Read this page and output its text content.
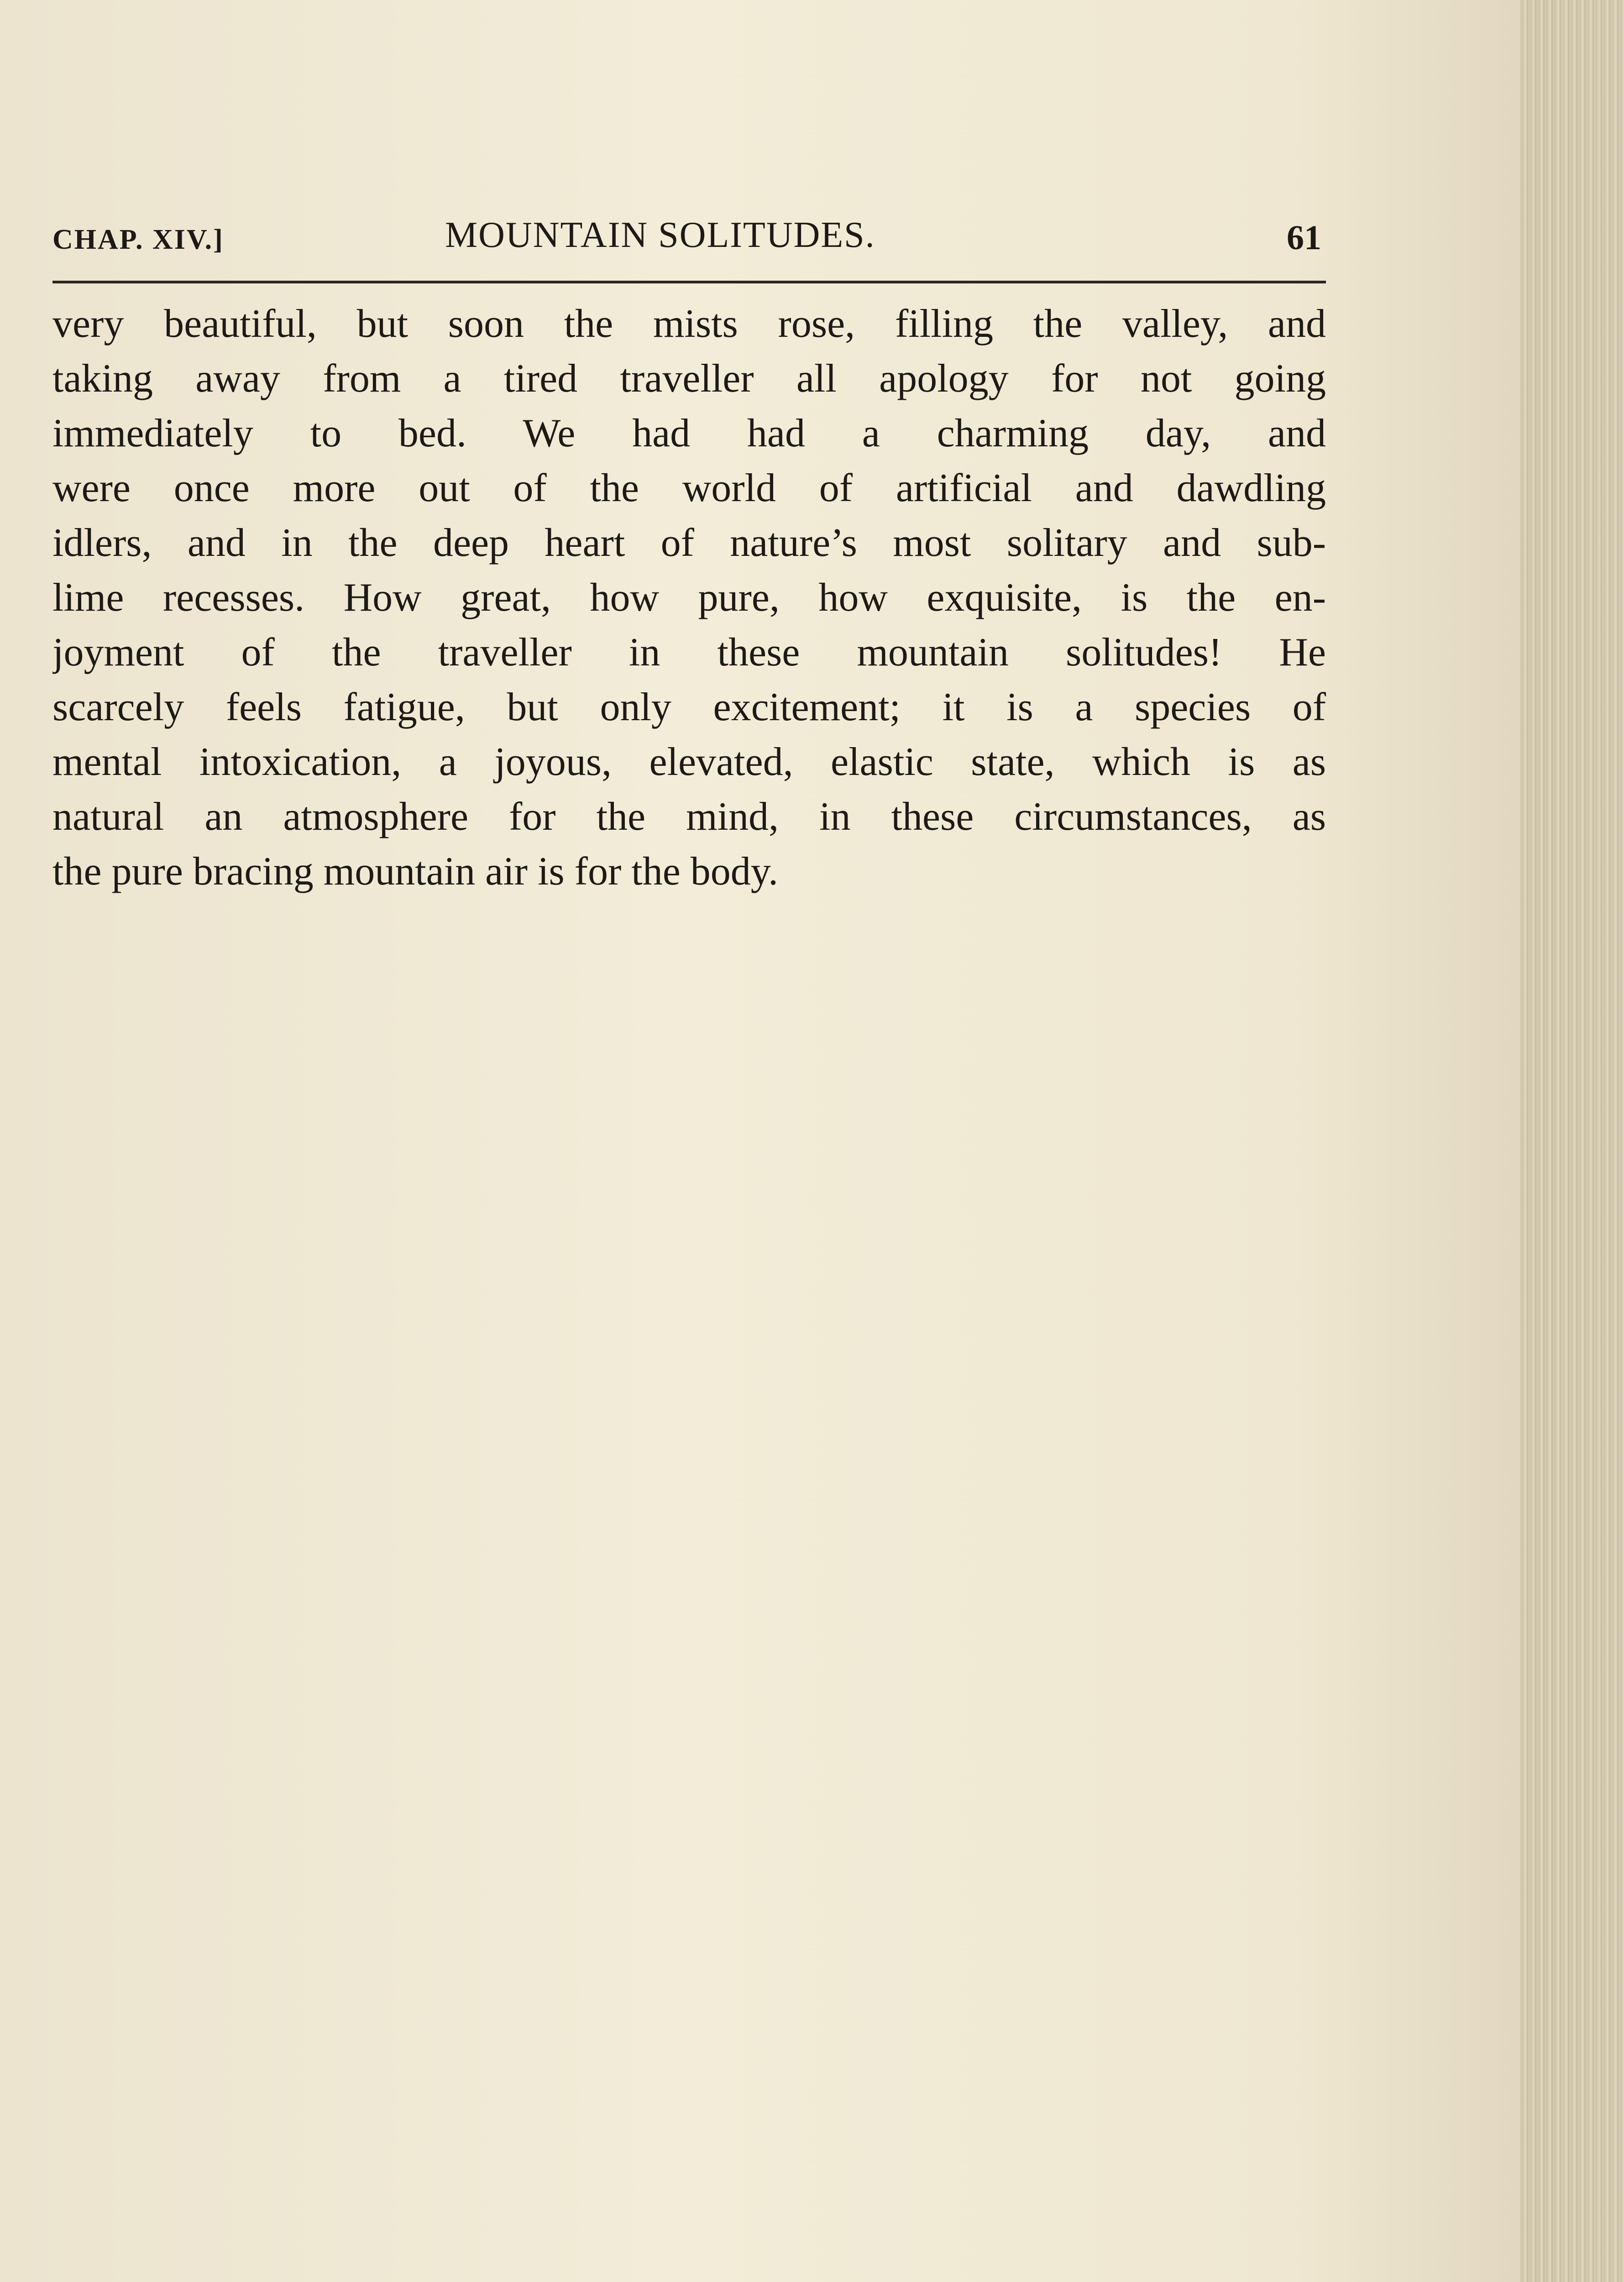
CHAP. XIV.]	MOUNTAIN SOLITUDES.	61
very beautiful, but soon the mists rose, filling the valley, and
taking away from a tired traveller all apology for not going
immediately to bed. We had had a charming day, and
were once more out of the world of artificial and dawdling
idlers, and in the deep heart of nature’s most solitary and sub-
lime recesses. How great, how pure, how exquisite, is the en-
joyment of the traveller in these mountain solitudes! He
scarcely feels fatigue, but only excitement; it is a species of
mental intoxication, a joyous, elevated, elastic state, which is as
natural an atmosphere for the mind, in these circumstances, as
the pure bracing mountain air is for the body.
